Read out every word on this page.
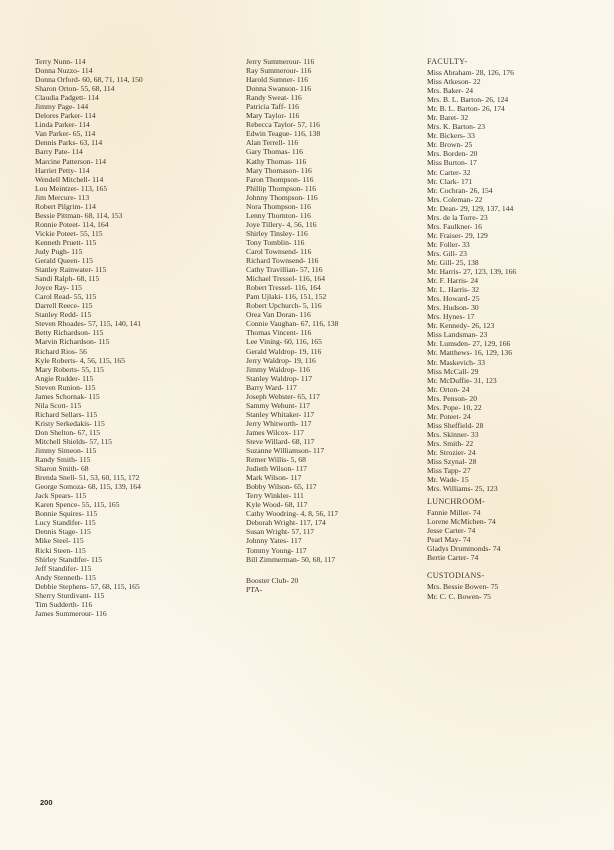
Terry Nunn- 114
Donna Nuzzo- 114
Donna Orford- 60, 68, 71, 114, 150
Sharon Orton- 55, 68, 114
Claudia Padgett- 114
Jimmy Page- 144
Delores Parker- 114
Linda Parker- 114
Van Parker- 65, 114
Dennis Parks- 63, 114
Barry Pate- 114
Marcine Patterson- 114
Harriet Petty- 114
Wendell Mitchell- 114
Lou Meintzer- 113, 165
Jim Mercure- 113
Robert Pilgrim- 114
Bessie Pittman- 68, 114, 153
Ronnie Poteet- 114, 164
Vickie Poteet- 55, 115
Kenneth Pruett- 115
Judy Pugh- 115
Gerald Queen- 115
Stanley Rainwater- 115
Sandi Ralph- 68, 115
Joyce Ray- 115
Carol Read- 55, 115
Darrell Reece- 115
Stanley Redd- 115
Steven Rhoades- 57, 115, 140, 141
Betty Richardson- 115
Marvin Richardson- 115
Richard Rios- 56
Kyle Roberts- 4, 56, 115, 165
Mary Roberts- 55, 115
Angie Rudder- 115
Steven Runion- 115
James Schornak- 115
Nila Scott- 115
Richard Sellars- 115
Kristy Serkedakis- 115
Don Shelton- 67, 115
Mitchell Shields- 57, 115
Jimmy Simeon- 115
Randy Smith- 115
Sharon Smith- 68
Brenda Snell- 51, 53, 60, 115, 172
George Somoza- 68, 115, 139, 164
Jack Spears- 115
Karen Spence- 55, 115, 165
Bonnie Squires- 115
Lucy Standifer- 115
Dennis Stage- 115
Mike Steel- 115
Ricki Steen- 115
Shirley Standifer- 115
Jeff Standifer- 115
Andy Stenneth- 115
Debbie Stephens- 57, 68, 115, 165
Sherry Sturdivant- 115
Tim Sudderth- 116
James Summerour- 116
Jerry Summerour- 116
Ray Summerour- 116
Harold Sumner- 116
Donna Swanson- 116
Randy Sweat- 116
Patricia Taff- 116
Mary Taylor- 116
Rebecca Taylor- 57, 116
Edwin Teague- 116, 138
Alan Terrell- 116
Gary Thomas- 116
Kathy Thomas- 116
Mary Thomason- 116
Faron Thompson- 116
Phillip Thompson- 116
Johnny Thompson- 116
Nora Thompson- 116
Lenny Thornton- 116
Joye Tillery- 4, 56, 116
Shirley Tinsley- 116
Tony Tomblin- 116
Carol Townsend- 116
Richard Townsend- 116
Cathy Travillian- 57, 116
Michael Tressel- 116, 164
Robert Tressel- 116, 164
Pam Ujlaki- 116, 151, 152
Robert Upchurch- 5, 116
Orea Van Doran- 116
Connie Vaughan- 67, 116, 138
Thomas Vincent- 116
Lee Vining- 60, 116, 165
Gerald Waldrop- 19, 116
Jerry Waldrop- 19, 116
Jimmy Waldrop- 116
Stanley Waldrop- 117
Barry Ward- 117
Joseph Webster- 65, 117
Sammy Wehunt- 117
Stanley Whitaker- 117
Jerry Whitworth- 117
James Wilcox- 117
Steve Willard- 68, 117
Suzanne Williamson- 117
Remer Willis- 5, 68
Judieth Wilson- 117
Mark Wilson- 117
Bobby Wilson- 65, 117
Terry Winkler- 111
Kyle Wood- 68, 117
Cathy Woodring- 4, 8, 56, 117
Deborah Wright- 117, 174
Susan Wright- 57, 117
Johnny Yates- 117
Tommy Young- 117
Bill Zimmerman- 50, 68, 117
Booster Club- 20
PTA-
FACULTY-
Miss Abraham- 28, 126, 176
Miss Atkeson- 22
Mrs. Baker- 24
Mrs. B. L. Barton- 26, 124
Mr. B. L. Barton- 26, 174
Mr. Baret- 32
Mrs. K. Barton- 23
Mr. Bickers- 33
Mr. Brown- 25
Mrs. Borden- 20
Miss Burton- 17
Mr. Carter- 32
Mr. Clark- 171
Mr. Cochran- 26, 154
Mrs. Coleman- 22
Mr. Dean- 29, 129, 137, 144
Mrs. de la Torre- 23
Mrs. Faulkner- 16
Mr. Fraiser- 29, 129
Mr. Foller- 33
Mrs. Gill- 23
Mr. Gill- 25, 138
Mr. Harris- 27, 123, 139, 166
Mr. F. Harris- 24
Mr. L. Harris- 32
Mrs. Howard- 25
Mrs. Hudson- 30
Mrs. Hynes- 17
Mr. Kennedy- 26, 123
Miss Landsman- 23
Mr. Lumsden- 27, 129, 166
Mr. Matthews- 16, 129, 136
Mr. Maskevich- 33
Miss McCall- 29
Mr. McDuffie- 31, 123
Mr. Orton- 24
Mrs. Penson- 20
Mrs. Pope- 10, 22
Mr. Poteet- 24
Miss Sheffield- 28
Mrs. Skinner- 33
Mrs. Smith- 22
Mr. Strozier- 24
Miss Szynal- 28
Miss Tapp- 27
Mr. Wade- 15
Mrs. Williams- 25, 123
LUNCHROOM-
Fannie Miller- 74
Lorene McMichen- 74
Jesse Carter- 74
Pearl May- 74
Gladys Drummonds- 74
Bertie Carter- 74
CUSTODIANS-
Mrs. Bessie Bowen- 75
Mr. C. C. Bowen- 75
200
